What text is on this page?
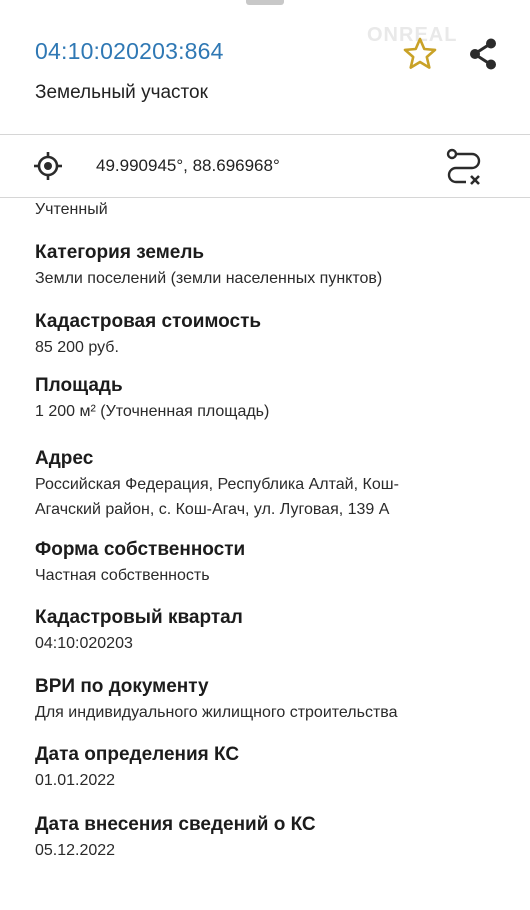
04:10:020203:864
Земельный участок
ONREAL
49.990945°, 88.696968°
Учтенный
Категория земель
Земли поселений (земли населенных пунктов)
Кадастровая стоимость
85 200 руб.
Площадь
1 200 м² (Уточненная площадь)
Адрес
Российская Федерация, Республика Алтай, Кош-
Агачский район, с. Кош-Агач, ул. Луговая, 139 А
Форма собственности
Частная собственность
Кадастровый квартал
04:10:020203
ВРИ по документу
Для индивидуального жилищного строительства
Дата определения КС
01.01.2022
Дата внесения сведений о КС
05.12.2022
